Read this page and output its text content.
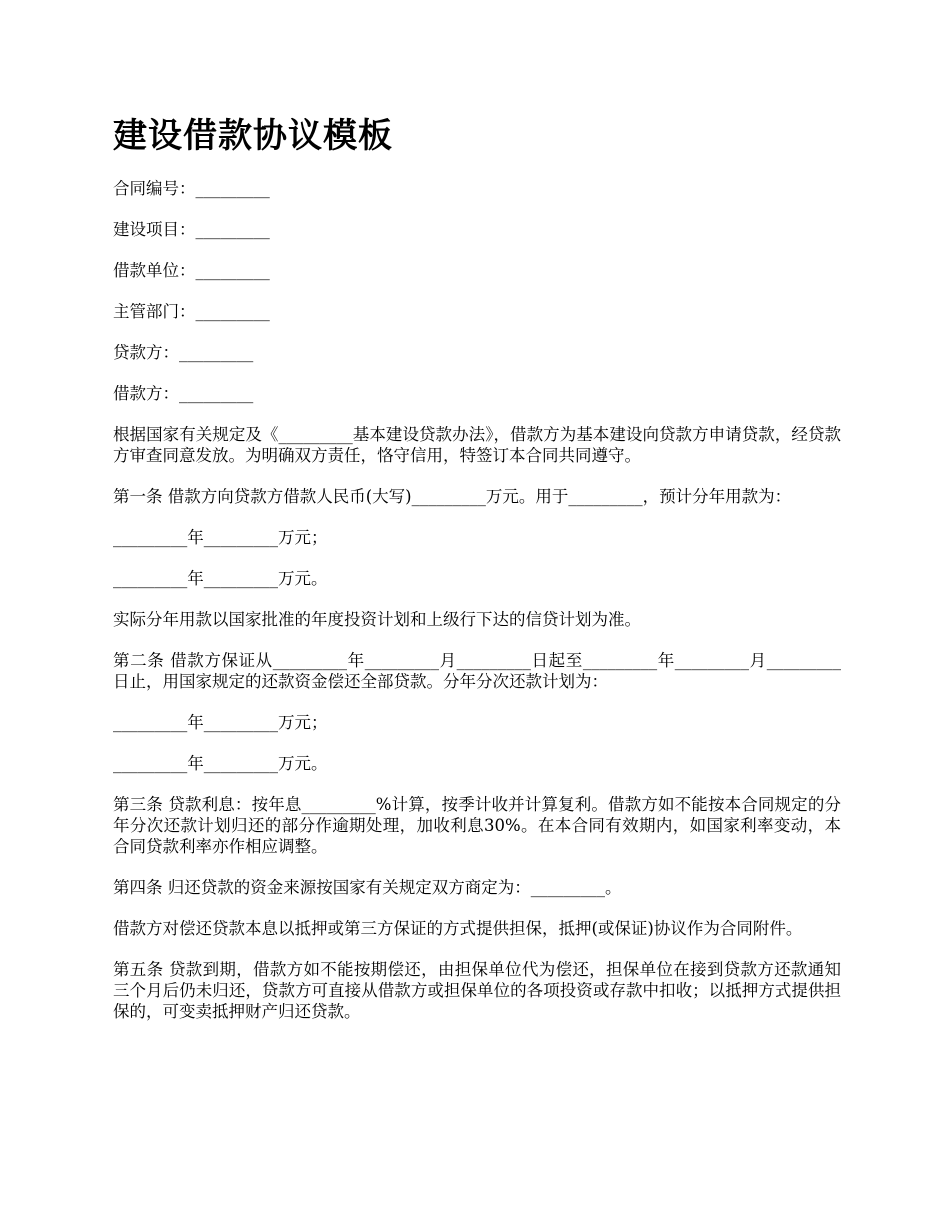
建设借款协议模板

合同编号：_________

建设项目：_________

借款单位：_________

主管部门：_________

贷款方：_________

借款方：_________

根据国家有关规定及《_________基本建设贷款办法》，借款方为基本建设向贷款方申请贷款，经贷款方审查同意发放。为明确双方责任，恪守信用，特签订本合同共同遵守。

第一条 借款方向贷款方借款人民币(大写)_________万元。用于_________，预计分年用款为：

_________年_________万元；

_________年_________万元。

实际分年用款以国家批准的年度投资计划和上级行下达的信贷计划为准。

第二条 借款方保证从_________年_________月_________日起至_________年_________月_________日止，用国家规定的还款资金偿还全部贷款。分年分次还款计划为：

_________年_________万元；

_________年_________万元。

第三条 贷款利息：按年息_________%计算，按季计收并计算复利。借款方如不能按本合同规定的分年分次还款计划归还的部分作逾期处理，加收利息30%。在本合同有效期内，如国家利率变动，本合同贷款利率亦作相应调整。

第四条 归还贷款的资金来源按国家有关规定双方商定为：_________。

借款方对偿还贷款本息以抵押或第三方保证的方式提供担保，抵押(或保证)协议作为合同附件。

第五条 贷款到期，借款方如不能按期偿还，由担保单位代为偿还，担保单位在接到贷款方还款通知三个月后仍未归还，贷款方可直接从借款方或担保单位的各项投资或存款中扣收；以抵押方式提供担保的，可变卖抵押财产归还贷款。
